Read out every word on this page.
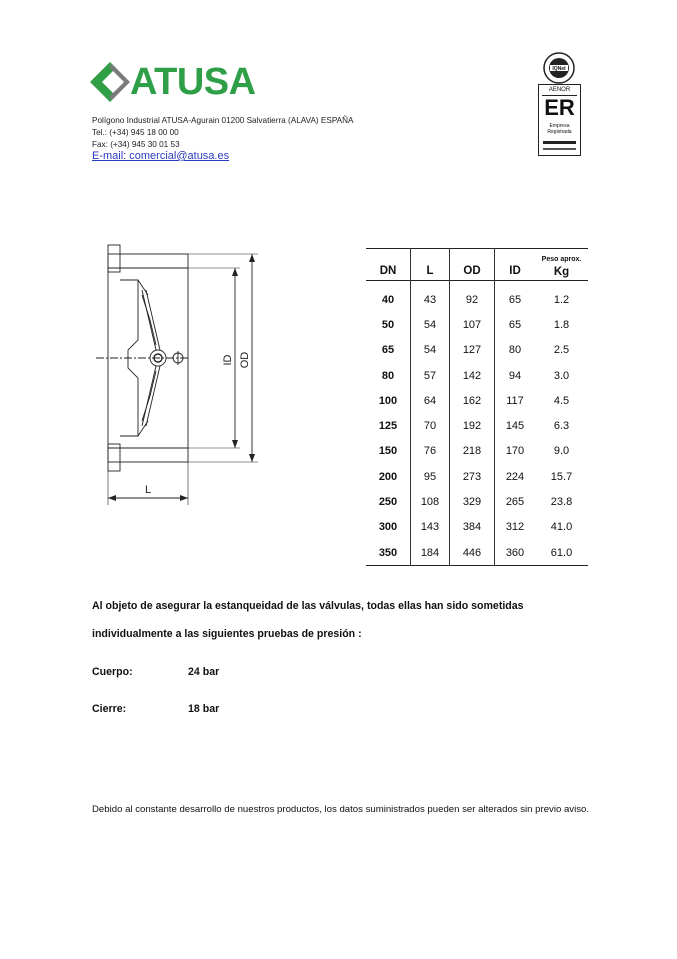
ATUSA
Polígono Industrial ATUSA-Agurain 01200 Salvatierra (ALAVA) ESPAÑA
Tel.: (+34) 945 18 00 00
Fax: (+34) 945 30 01 53
E-mail: comercial@atusa.es
IQNet
AENOR
ER
Empresa
Registrada
ID OD
L
DN	L	OD	ID	Peso aprox.
Kg
40	43	92	65	1.2
50	54	107	65	1.8
65	54	127	80	2.5
80	57	142	94	3.0
100	64	162	117	4.5
125	70	192	145	6.3
150	76	218	170	9.0
200	95	273	224	15.7
250	108	329	265	23.8
300	143	384	312	41.0
350	184	446	360	61.0
Al objeto de asegurar la estanqueidad de las válvulas, todas ellas han sido sometidas
individualmente a las siguientes pruebas de presión :
Cuerpo:	24 bar
Cierre:	18 bar
Debido al constante desarrollo de nuestros productos, los datos suministrados pueden ser alterados sin previo aviso.
